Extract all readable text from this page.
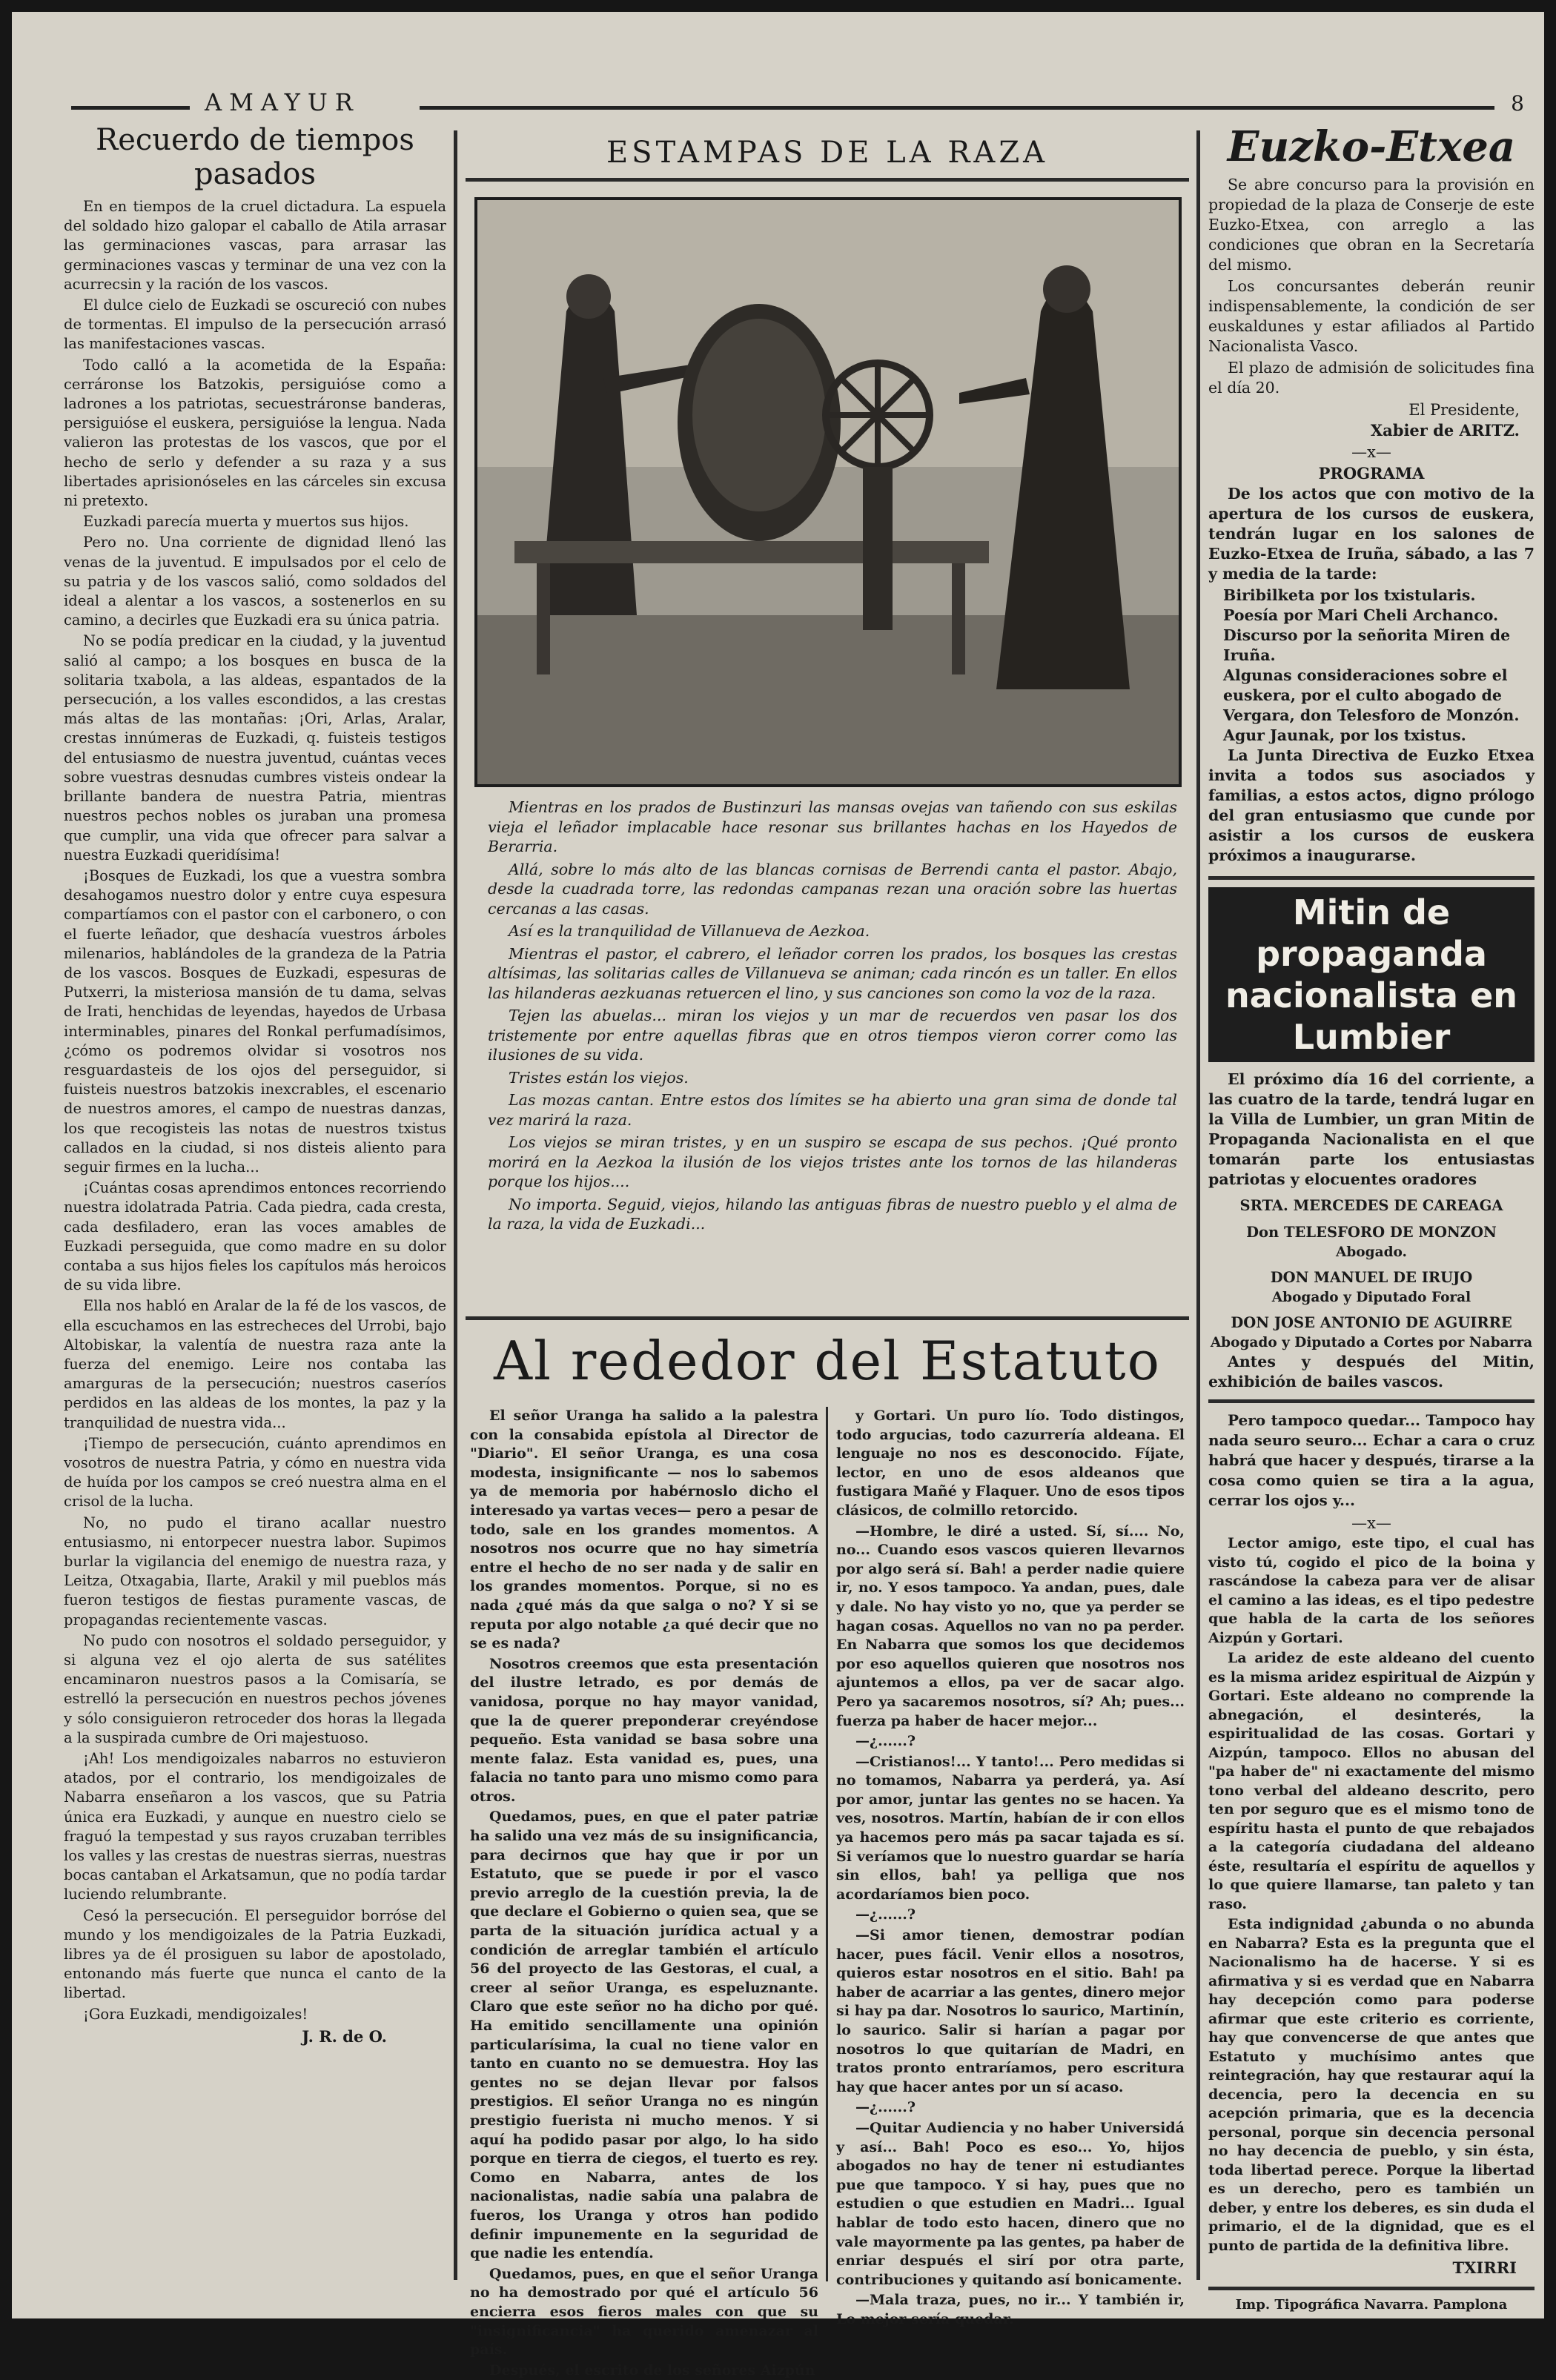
AMAYUR	8
Recuerdo de tiempos pasados

En en tiempos de la cruel dictadura. La espuela del soldado hizo galopar el caballo de Atila arrasar las germinaciones vascas, para arrasar las germinaciones vascas y terminar de una vez con la acurrecsin y la ración de los vascos.

El dulce cielo de Euzkadi se oscureció con nubes de tormentas. El impulso de la persecución arrasó las manifestaciones vascas.

Todo calló a la acometida de la España: cerráronse los Batzokis, persiguióse como a ladrones a los patriotas, secuestráronse banderas, persiguióse el euskera, persiguióse la lengua. Nada valieron las protestas de los vascos, que por el hecho de serlo y defender a su raza y a sus libertades aprisionóseles en las cárceles sin excusa ni pretexto.

Euzkadi parecía muerta y muertos sus hijos.

Pero no. Una corriente de dignidad llenó las venas de la juventud. E impulsados por el celo de su patria y de los vascos salió, como soldados del ideal a alentar a los vascos, a sostenerlos en su camino, a decirles que Euzkadi era su única patria.

No se podía predicar en la ciudad, y la juventud salió al campo; a los bosques en busca de la solitaria txabola, a las aldeas, espantados de la persecución, a los valles escondidos, a las crestas más altas de las montañas: ¡Ori, Arlas, Aralar, crestas innúmeras de Euzkadi, q. fuisteis testigos del entusiasmo de nuestra juventud, cuántas veces sobre vuestras desnudas cumbres visteis ondear la brillante bandera de nuestra Patria, mientras nuestros pechos nobles os juraban una promesa que cumplir, una vida que ofrecer para salvar a nuestra Euzkadi queridísima!

¡Bosques de Euzkadi, los que a vuestra sombra desahogamos nuestro dolor y entre cuya espesura compartíamos con el pastor con el carbonero, o con el fuerte leñador, que deshacía vuestros árboles milenarios, hablándoles de la grandeza de la Patria de los vascos. Bosques de Euzkadi, espesuras de Putxerri, la misteriosa mansión de tu dama, selvas de Irati, henchidas de leyendas, hayedos de Urbasa interminables, pinares del Ronkal perfumadísimos, ¿cómo os podremos olvidar si vosotros nos resguardasteis de los ojos del perseguidor, si fuisteis nuestros batzokis inexcrables, el escenario de nuestros amores, el campo de nuestras danzas, los que recogisteis las notas de nuestros txistus callados en la ciudad, si nos disteis aliento para seguir firmes en la lucha...

¡Cuántas cosas aprendimos entonces recorriendo nuestra idolatrada Patria. Cada piedra, cada cresta, cada desfiladero, eran las voces amables de Euzkadi perseguida, que como madre en su dolor contaba a sus hijos fieles los capítulos más heroicos de su vida libre.

Ella nos habló en Aralar de la fé de los vascos, de ella escuchamos en las estrecheces del Urrobi, bajo Altobiskar, la valentía de nuestra raza ante la fuerza del enemigo. Leire nos contaba las amarguras de la persecución; nuestros caseríos perdidos en las aldeas de los montes, la paz y la tranquilidad de nuestra vida...

¡Tiempo de persecución, cuánto aprendimos en vosotros de nuestra Patria, y cómo en nuestra vida de huída por los campos se creó nuestra alma en el crisol de la lucha.

No, no pudo el tirano acallar nuestro entusiasmo, ni entorpecer nuestra labor. Supimos burlar la vigilancia del enemigo de nuestra raza, y Leitza, Otxagabia, Ilarte, Arakil y mil pueblos más fueron testigos de fiestas puramente vascas, de propagandas recientemente vascas.

No pudo con nosotros el soldado perseguidor, y si alguna vez el ojo alerta de sus satélites encaminaron nuestros pasos a la Comisaría, se estrelló la persecución en nuestros pechos jóvenes y sólo consiguieron retroceder dos horas la llegada a la suspirada cumbre de Ori majestuoso.

¡Ah! Los mendigoizales nabarros no estuvieron atados, por el contrario, los mendigoizales de Nabarra enseñaron a los vascos, que su Patria única era Euzkadi, y aunque en nuestro cielo se fraguó la tempestad y sus rayos cruzaban terribles los valles y las crestas de nuestras sierras, nuestras bocas cantaban el Arkatsamun, que no podía tardar luciendo relumbrante.

Cesó la persecución. El perseguidor borróse del mundo y los mendigoizales de la Patria Euzkadi, libres ya de él prosiguen su labor de apostolado, entonando más fuerte que nunca el canto de la libertad.

¡Gora Euzkadi, mendigoizales!

J. R. de O.
ESTAMPAS DE LA RAZA

Mientras en los prados de Bustinzuri las mansas ovejas van tañendo con sus eskilas vieja el leñador implacable hace resonar sus brillantes hachas en los Hayedos de Berarria.

Allá, sobre lo más alto de las blancas cornisas de Berrendi canta el pastor. Abajo, desde la cuadrada torre, las redondas campanas rezan una oración sobre las huertas cercanas a las casas.

Así es la tranquilidad de Villanueva de Aezkoa.

Mientras el pastor, el cabrero, el leñador corren los prados, los bosques las crestas altísimas, las solitarias calles de Villanueva se animan; cada rincón es un taller. En ellos las hilanderas aezkuanas retuercen el lino, y sus canciones son como la voz de la raza.

Tejen las abuelas... miran los viejos y un mar de recuerdos ven pasar los dos tristemente por entre aquellas fibras que en otros tiempos vieron correr como las ilusiones de su vida.

Tristes están los viejos.

Las mozas cantan. Entre estos dos límites se ha abierto una gran sima de donde tal vez marirá la raza.

Los viejos se miran tristes, y en un suspiro se escapa de sus pechos. ¡Qué pronto morirá en la Aezkoa la ilusión de los viejos tristes ante los tornos de las hilanderas porque los hijos....

No importa. Seguid, viejos, hilando las antiguas fibras de nuestro pueblo y el alma de la raza, la vida de Euzkadi...

Al rededor del Estatuto

El señor Uranga ha salido a la palestra con la consabida epístola al Director de "Diario". El señor Uranga, es una cosa modesta, insignificante — nos lo sabemos ya de memoria por habérnoslo dicho el interesado ya vartas veces— pero a pesar de todo, sale en los grandes momentos. A nosotros nos ocurre que no hay simetría entre el hecho de no ser nada y de salir en los grandes momentos. Porque, si no es nada ¿qué más da que salga o no? Y si se reputa por algo notable ¿a qué decir que no se es nada?

Nosotros creemos que esta presentación del ilustre letrado, es por demás de vanidosa, porque no hay mayor vanidad, que la de querer preponderar creyéndose pequeño. Esta vanidad se basa sobre una mente falaz. Esta vanidad es, pues, una falacia no tanto para uno mismo como para otros.

Quedamos, pues, en que el pater patriæ ha salido una vez más de su insignificancia, para decirnos que hay que ir por un Estatuto, que se puede ir por el vasco previo arreglo de la cuestión previa, la de que declare el Gobierno o quien sea, que se parta de la situación jurídica actual y a condición de arreglar también el artículo 56 del proyecto de las Gestoras, el cual, a creer al señor Uranga, es espeluznante. Claro que este señor no ha dicho por qué. Ha emitido sencillamente una opinión particularísima, la cual no tiene valor en tanto en cuanto no se demuestra. Hoy las gentes no se dejan llevar por falsos prestigios. El señor Uranga no es ningún prestigio fuerista ni mucho menos. Y si aquí ha podido pasar por algo, lo ha sido porque en tierra de ciegos, el tuerto es rey. Como en Nabarra, antes de los nacionalistas, nadie sabía una palabra de fueros, los Uranga y otros han podido definir impunemente en la seguridad de que nadie les entendía.

Quedamos, pues, en que el señor Uranga no ha demostrado por qué el artículo 56 encierra esos fieros males con que su "insignificancia" ha querido amenazar al país.

Después, el escrito de los señores Aizpún

y Gortari. Un puro lío. Todo distingos, todo argucias, todo cazurrería aldeana. El lenguaje no nos es desconocido. Fíjate, lector, en uno de esos aldeanos que fustigara Mañé y Flaquer. Uno de esos tipos clásicos, de colmillo retorcido.

—Hombre, le diré a usted. Sí, sí.... No, no... Cuando esos vascos quieren llevarnos por algo será sí. Bah! a perder nadie quiere ir, no. Y esos tampoco. Ya andan, pues, dale y dale. No hay visto yo no, que ya perder se hagan cosas. Aquellos no van no pa perder. En Nabarra que somos los que decidemos por eso aquellos quieren que nosotros nos ajuntemos a ellos, pa ver de sacar algo. Pero ya sacaremos nosotros, sí? Ah; pues... fuerza pa haber de hacer mejor...

—¿......?

—Cristianos!... Y tanto!... Pero medidas si no tomamos, Nabarra ya perderá, ya. Así por amor, juntar las gentes no se hacen. Ya ves, nosotros. Martín, habían de ir con ellos ya hacemos pero más pa sacar tajada es sí. Si veríamos que lo nuestro guardar se haría sin ellos, bah! ya pelliga que nos acordaríamos bien poco.

—¿......?

—Si amor tienen, demostrar podían hacer, pues fácil. Venir ellos a nosotros, quieros estar nosotros en el sitio. Bah! pa haber de acarriar a las gentes, dinero mejor si hay pa dar. Nosotros lo saurico, Martinín, lo saurico. Salir si harían a pagar por nosotros lo que quitarían de Madri, en tratos pronto entraríamos, pero escritura hay que hacer antes por un sí acaso.

—¿......?

—Quitar Audiencia y no haber Universidá y así... Bah! Poco es eso... Yo, hijos abogados no hay de tener ni estudiantes pue que tampoco. Y si hay, pues que no estudien o que estudien en Madri... Igual hablar de todo esto hacen, dinero que no vale mayormente pa las gentes, pa haber de enriar después el sirí por otra parte, contribuciones y quitando así bonicamente.

—Mala traza, pues, no ir... Y también ir, Lo mejor sería quedar.

Euzko-Etxea

Se abre concurso para la provisión en propiedad de la plaza de Conserje de este Euzko-Etxea, con arreglo a las condiciones que obran en la Secretaría del mismo.

Los concursantes deberán reunir indispensablemente, la condición de ser euskaldunes y estar afiliados al Partido Nacionalista Vasco.

El plazo de admisión de solicitudes fina el día 20.

El Presidente,
Xabier de ARITZ.
—x—
PROGRAMA

De los actos que con motivo de la apertura de los cursos de euskera, tendrán lugar en los salones de Euzko-Etxea de Iruña, sábado, a las 7 y media de la tarde:

Biribilketa por los txistularis.
Poesía por Mari Cheli Archanco.
Discurso por la señorita Miren de Iruña.
Algunas consideraciones sobre el euskera, por el culto abogado de Vergara, don Telesforo de Monzón.
Agur Jaunak, por los txistus.

La Junta Directiva de Euzko Etxea invita a todos sus asociados y familias, a estos actos, digno prólogo del gran entusiasmo que cunde por asistir a los cursos de euskera próximos a inaugurarse.

Mitin de propaganda nacionalista en Lumbier

El próximo día 16 del corriente, a las cuatro de la tarde, tendrá lugar en la Villa de Lumbier, un gran Mitin de Propaganda Nacionalista en el que tomarán parte los entusiastas patriotas y elocuentes oradores

SRTA. MERCEDES DE CAREAGA
Don TELESFORO DE MONZON
Abogado.
DON MANUEL DE IRUJO
Abogado y Diputado Foral
DON JOSE ANTONIO DE AGUIRRE
Abogado y Diputado a Cortes por Nabarra

Antes y después del Mitin, exhibición de bailes vascos.

Pero tampoco quedar... Tampoco hay nada seuro seuro... Echar a cara o cruz habrá que hacer y después, tirarse a la cosa como quien se tira a la agua, cerrar los ojos y...

—x—

Lector amigo, este tipo, el cual has visto tú, cogido el pico de la boina y rascándose la cabeza para ver de alisar el camino a las ideas, es el tipo pedestre que habla de la carta de los señores Aizpún y Gortari.

La aridez de este aldeano del cuento es la misma aridez espiritual de Aizpún y Gortari. Este aldeano no comprende la abnegación, el desinterés, la espiritualidad de las cosas. Gortari y Aizpún, tampoco. Ellos no abusan del "pa haber de" ni exactamente del mismo tono verbal del aldeano descrito, pero ten por seguro que es el mismo tono de espíritu hasta el punto de que rebajados a la categoría ciudadana del aldeano éste, resultaría el espíritu de aquellos y lo que quiere llamarse, tan paleto y tan raso.

Esta indignidad ¿abunda o no abunda en Nabarra? Esta es la pregunta que el Nacionalismo ha de hacerse. Y si es afirmativa y si es verdad que en Nabarra hay decepción como para poderse afirmar que este criterio es corriente, hay que convencerse de que antes que Estatuto y muchísimo antes que reintegración, hay que restaurar aquí la decencia, pero la decencia en su acepción primaria, que es la decencia personal, porque sin decencia personal no hay decencia de pueblo, y sin ésta, toda libertad perece. Porque la libertad es un derecho, pero es también un deber, y entre los deberes, es sin duda el primario, el de la dignidad, que es el punto de partida de la definitiva libre.

TXIRRI
Imp. Tipográfica Navarra. Pamplona
